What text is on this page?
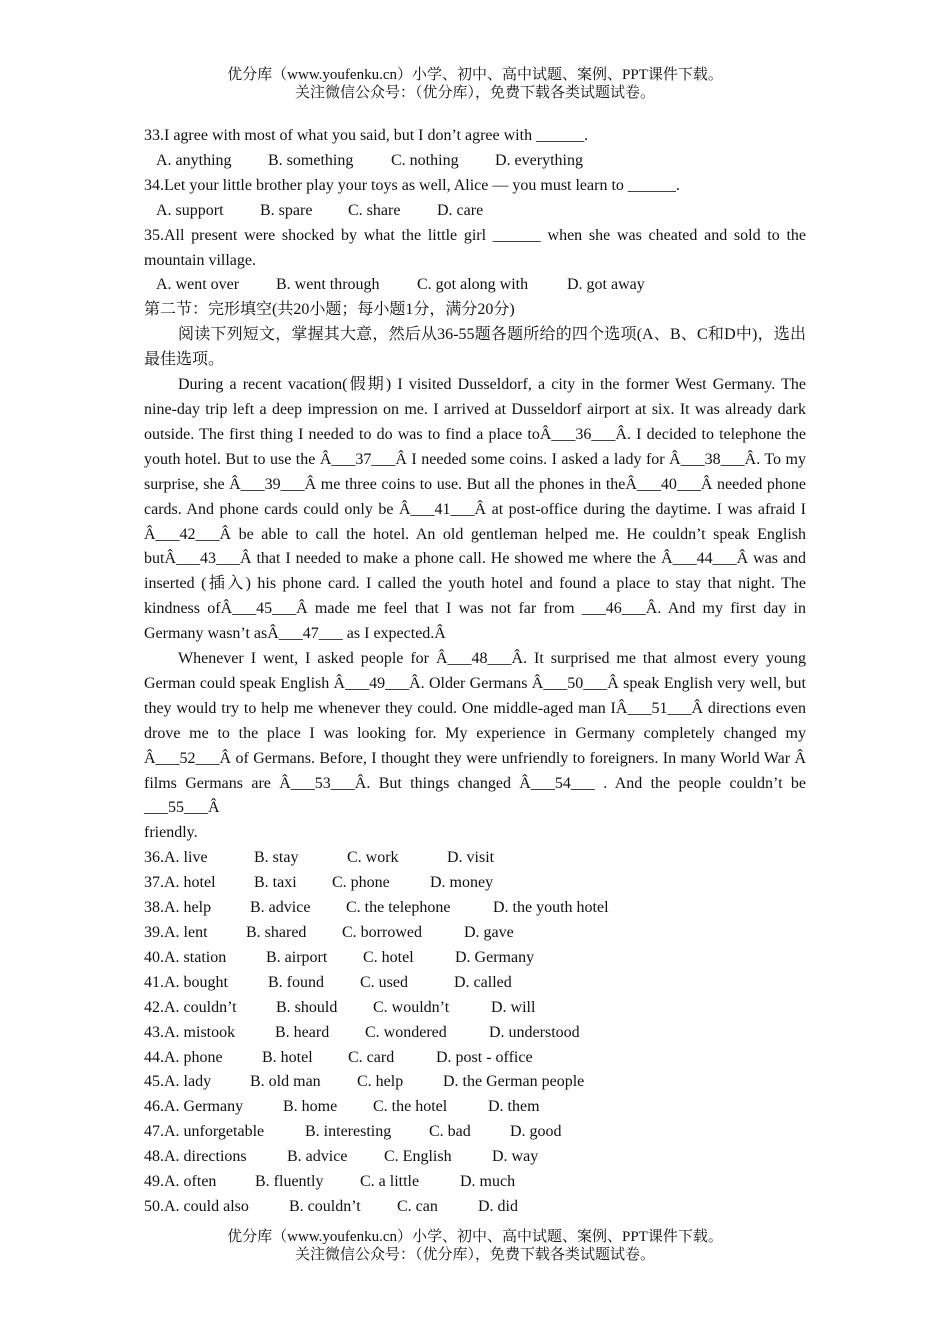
优分库（www.youfenku.cn）小学、初中、高中试题、案例、PPT课件下载。
关注微信公众号：（优分库），免费下载各类试题试卷。
33.I agree with most of what you said, but I don’t agree with ______.
A. anything B. something C. nothing D. everything
34.Let your little brother play your toys as well, Alice — you must learn to ______.
A. support B. spare C. share D. care
35.All present were shocked by what the little girl ______ when she was cheated and sold to the mountain village.
A. went over B. went through C. got along with D. got away
第二节：完形填空(共20小题；每小题1分，满分20分)
阅读下列短文，掌握其大意，然后从36-55题各题所给的四个选项(A、B、C和D中)，选出最佳选项。
During a recent vacation(假期) I visited Dusseldorf, a city in the former West Germany. The nine-day trip left a deep impression on me. I arrived at Dusseldorf airport at six. It was already dark outside. The first thing I needed to do was to find a place toÂ___36___Â. I decided to telephone the youth hotel. But to use the Â___37___Â I needed some coins. I asked a lady for Â___38___Â. To my surprise, she Â___39___Â me three coins to use. But all the phones in theÂ___40___Â needed phone cards. And phone cards could only be Â___41___Â at post-office during the daytime. I was afraid I Â___42___Â be able to call the hotel. An old gentleman helped me. He couldn’t speak English butÂ___43___Â that I needed to make a phone call. He showed me where the Â___44___Â was and inserted (插入) his phone card. I called the youth hotel and found a place to stay that night. The kindness ofÂ___45___Â made me feel that I was not far from ___46___Â. And my first day in Germany wasn’t asÂ___47___ as I expected.Â
Whenever I went, I asked people for Â___48___Â. It surprised me that almost every young German could speak English Â___49___Â. Older Germans Â___50___Â speak English very well, but they would try to help me whenever they could. One middle-aged man IÂ___51___Â directions even drove me to the place I was looking for. My experience in Germany completely changed my Â___52___Â of Germans. Before, I thought they were unfriendly to foreigners. In many World War Â films Germans are Â___53___Â. But things changed Â___54___ . And the people couldn’t be ___55___Â
friendly.
36. A. live	B. stay	C. work	D. visit
37. A. hotel	B. taxi	C. phone	D. money
38. A. help	B. advice	C. the telephone	D. the youth hotel
39. A. lent	B. shared	C. borrowed	D. gave
40. A. station	B. airport	C. hotel	D. Germany
41. A. bought	B. found	C. used	D. called
42. A. couldn’t	B. should	C. wouldn’t	D. will
43. A. mistook	B. heard	C. wondered	D. understood
44. A. phone	B. hotel	C. card	D. post - office
45. A. lady	B. old man	C. help	D. the German people
46. A. Germany	B. home	C. the hotel	D. them
47. A. unforgetable	B. interesting	C. bad	D. good
48. A. directions	B. advice	C. English	D. way
49. A. often	B. fluently	C. a little	D. much
50. A. could also	B. couldn’t	C. can	D. did
优分库（www.youfenku.cn）小学、初中、高中试题、案例、PPT课件下载。
关注微信公众号：（优分库），免费下载各类试题试卷。
